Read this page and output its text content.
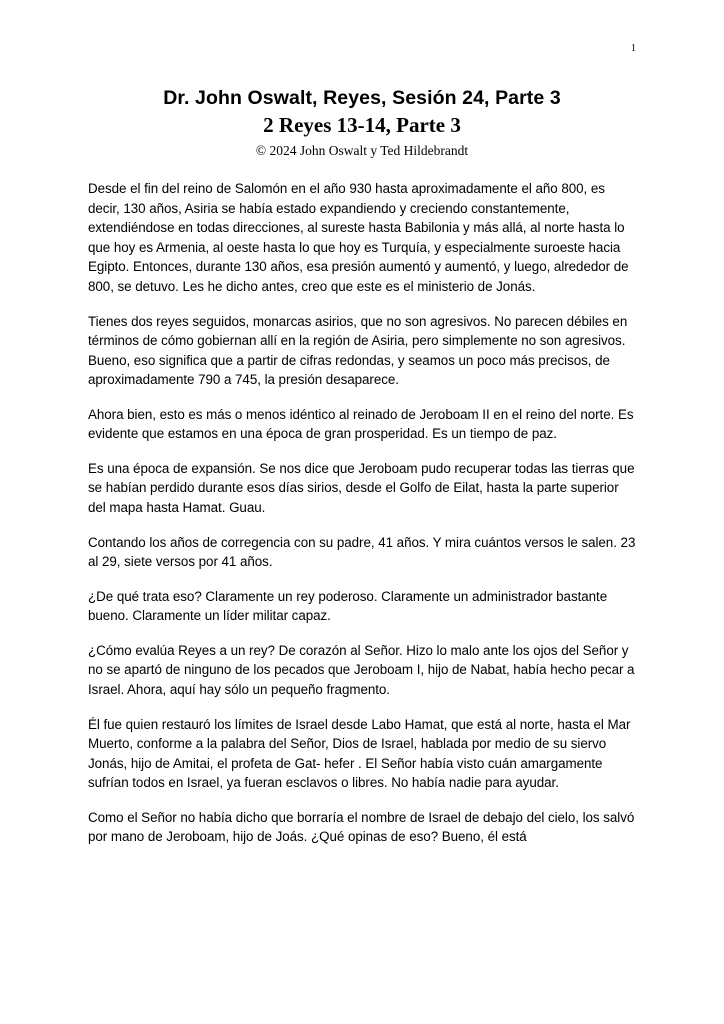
1
Dr. John Oswalt, Reyes, Sesión 24, Parte 3
2 Reyes 13-14, Parte 3
© 2024 John Oswalt y Ted Hildebrandt

Desde el fin del reino de Salomón en el año 930 hasta aproximadamente el año 800, es decir, 130 años, Asiria se había estado expandiendo y creciendo constantemente, extendiéndose en todas direcciones, al sureste hasta Babilonia y más allá, al norte hasta lo que hoy es Armenia, al oeste hasta lo que hoy es Turquía, y especialmente suroeste hacia Egipto. Entonces, durante 130 años, esa presión aumentó y aumentó, y luego, alrededor de 800, se detuvo. Les he dicho antes, creo que este es el ministerio de Jonás.

Tienes dos reyes seguidos, monarcas asirios, que no son agresivos. No parecen débiles en términos de cómo gobiernan allí en la región de Asiria, pero simplemente no son agresivos. Bueno, eso significa que a partir de cifras redondas, y seamos un poco más precisos, de aproximadamente 790 a 745, la presión desaparece.

Ahora bien, esto es más o menos idéntico al reinado de Jeroboam II en el reino del norte. Es evidente que estamos en una época de gran prosperidad. Es un tiempo de paz.

Es una época de expansión. Se nos dice que Jeroboam pudo recuperar todas las tierras que se habían perdido durante esos días sirios, desde el Golfo de Eilat, hasta la parte superior del mapa hasta Hamat. Guau.

Contando los años de corregencia con su padre, 41 años. Y mira cuántos versos le salen. 23 al 29, siete versos por 41 años.

¿De qué trata eso? Claramente un rey poderoso. Claramente un administrador bastante bueno. Claramente un líder militar capaz.

¿Cómo evalúa Reyes a un rey? De corazón al Señor. Hizo lo malo ante los ojos del Señor y no se apartó de ninguno de los pecados que Jeroboam I, hijo de Nabat, había hecho pecar a Israel. Ahora, aquí hay sólo un pequeño fragmento.

Él fue quien restauró los límites de Israel desde Labo Hamat, que está al norte, hasta el Mar Muerto, conforme a la palabra del Señor, Dios de Israel, hablada por medio de su siervo Jonás, hijo de Amitai, el profeta de Gat- hefer . El Señor había visto cuán amargamente sufrían todos en Israel, ya fueran esclavos o libres. No había nadie para ayudar.

Como el Señor no había dicho que borraría el nombre de Israel de debajo del cielo, los salvó por mano de Jeroboam, hijo de Joás. ¿Qué opinas de eso? Bueno, él está
